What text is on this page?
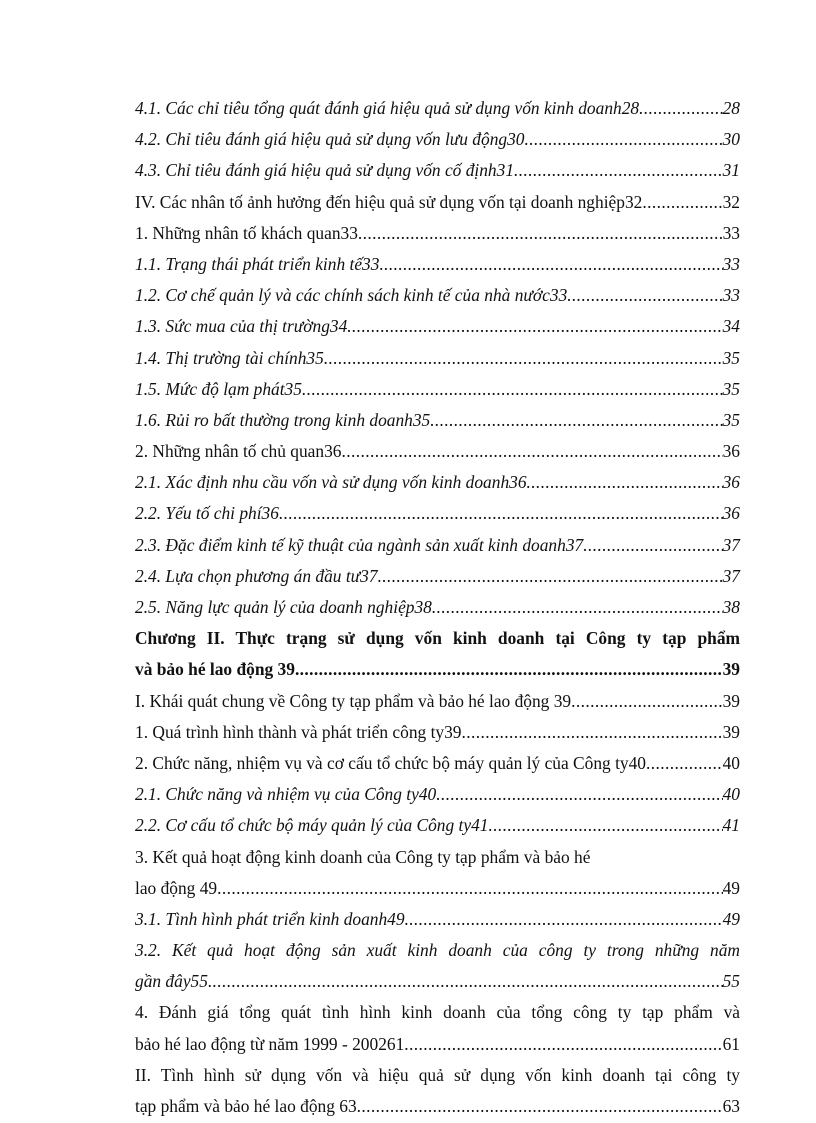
4.1. Các chỉ tiêu tổng quát đánh giá hiệu quả sử dụng vốn kinh doanh28 .....	28
4.2. Chỉ tiêu đánh giá hiệu quả sử dụng vốn lưu động30 .....	30
4.3. Chỉ tiêu đánh giá hiệu quả sử dụng vốn cố định31 .....	31
IV. Các nhân tố ảnh hưởng đến hiệu quả sử dụng vốn tại doanh nghiệp32 .....	32
1. Những nhân tố khách quan33 .....	33
1.1. Trạng thái phát triển kinh tế33 .....	33
1.2. Cơ chế quản lý và các chính sách kinh tế của nhà nước33 .....	33
1.3. Sức mua của thị trường34 .....	34
1.4. Thị trường tài chính35 .....	35
1.5. Mức độ lạm phát35 .....	35
1.6. Rủi ro bất thường trong kinh doanh35 .....	35
2. Những nhân tố chủ quan36 .....	36
2.1. Xác định nhu cầu vốn và sử dụng vốn kinh doanh36 .....	36
2.2. Yếu tố chi phí36 .....	36
2.3. Đặc điểm kinh tế kỹ thuật của ngành sản xuất kinh doanh37 .....	37
2.4. Lựa chọn phương án đầu tư37 .....	37
2.5. Năng lực quản lý của doanh nghiệp38 .....	38
Chương II. Thực trạng sử dụng vốn kinh doanh tại Công ty tạp phẩm
và bảo hé lao động 39 .....	39
I. Khái quát chung về Công ty tạp phẩm và bảo hé lao động 39 .....	39
1. Quá trình hình thành và phát triển công ty39 .....	39
2. Chức năng, nhiệm vụ và cơ cấu tổ chức bộ máy quản lý của Công ty40 .....	40
2.1. Chức năng và nhiệm vụ của Công ty40 .....	40
2.2. Cơ cấu tổ chức bộ máy quản lý của Công ty41 .....	41
3. Kết quả hoạt động kinh doanh của Công ty tạp phẩm và bảo hé
lao động 49 .....	49
3.1. Tình hình phát triển kinh doanh49 .....	49
3.2. Kết quả hoạt động sản xuất kinh doanh của công ty trong những năm
gần đây55 .....	55
4. Đánh giá tổng quát tình hình kinh doanh của tổng công ty tạp phẩm và
bảo hé lao động từ năm 1999 - 200261 .....	61
II. Tình hình sử dụng vốn và hiệu quả sử dụng vốn kinh doanh tại công ty
tạp phẩm và bảo hé lao động 63 .....	63
